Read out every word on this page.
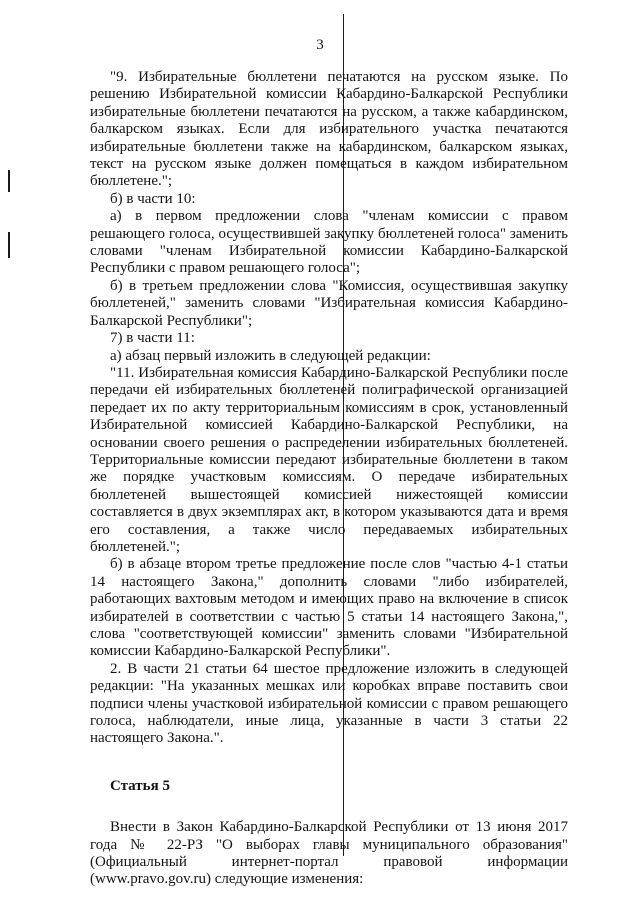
3

"9. Избирательные бюллетени печатаются на русском языке. По решению Избирательной комиссии Кабардино-Балкарской Республики избирательные бюллетени печатаются на русском, а также кабардинском, балкарском языках. Если для избирательного участка печатаются избирательные бюллетени также на кабардинском, балкарском языках, текст на русском языке должен помещаться в каждом избирательном бюллетене.";

б) в части 10:

а) в первом предложении слова "членам комиссии с правом решающего голоса, осуществившей закупку бюллетеней голоса" заменить словами "членам Избирательной комиссии Кабардино-Балкарской Республики с правом решающего голоса";

б) в третьем предложении слова "Комиссия, осуществившая закупку бюллетеней," заменить словами "Избирательная комиссия Кабардино-Балкарской Республики";

7) в части 11:

а) абзац первый изложить в следующей редакции:

"11. Избирательная комиссия Кабардино-Балкарской Республики после передачи ей избирательных бюллетеней полиграфической организацией передает их по акту территориальным комиссиям в срок, установленный Избирательной комиссией Кабардино-Балкарской Республики, на основании своего решения о распределении избирательных бюллетеней. Территориальные комиссии передают избирательные бюллетени в таком же порядке участковым комиссиям. О передаче избирательных бюллетеней вышестоящей комиссией нижестоящей комиссии составляется в двух экземплярах акт, в котором указываются дата и время его составления, а также число передаваемых избирательных бюллетеней.";

б) в абзаце втором третье предложение после слов "частью 4-1 статьи 14 настоящего Закона," дополнить словами "либо избирателей, работающих вахтовым методом и имеющих право на включение в список избирателей в соответствии с частью 5 статьи 14 настоящего Закона,", слова "соответствующей комиссии" заменить словами "Избирательной комиссии Кабардино-Балкарской Республики".

2. В части 21 статьи 64 шестое предложение изложить в следующей редакции: "На указанных мешках или коробках вправе поставить свои подписи члены участковой избирательной комиссии с правом решающего голоса, наблюдатели, иные лица, указанные в части 3 статьи 22 настоящего Закона.".

Статья 5

Внести в Закон Кабардино-Балкарской Республики от 13 июня 2017 года № 22-РЗ "О выборах главы муниципального образования" (Официальный интернет-портал правовой информации (www.pravo.gov.ru) следующие изменения:
